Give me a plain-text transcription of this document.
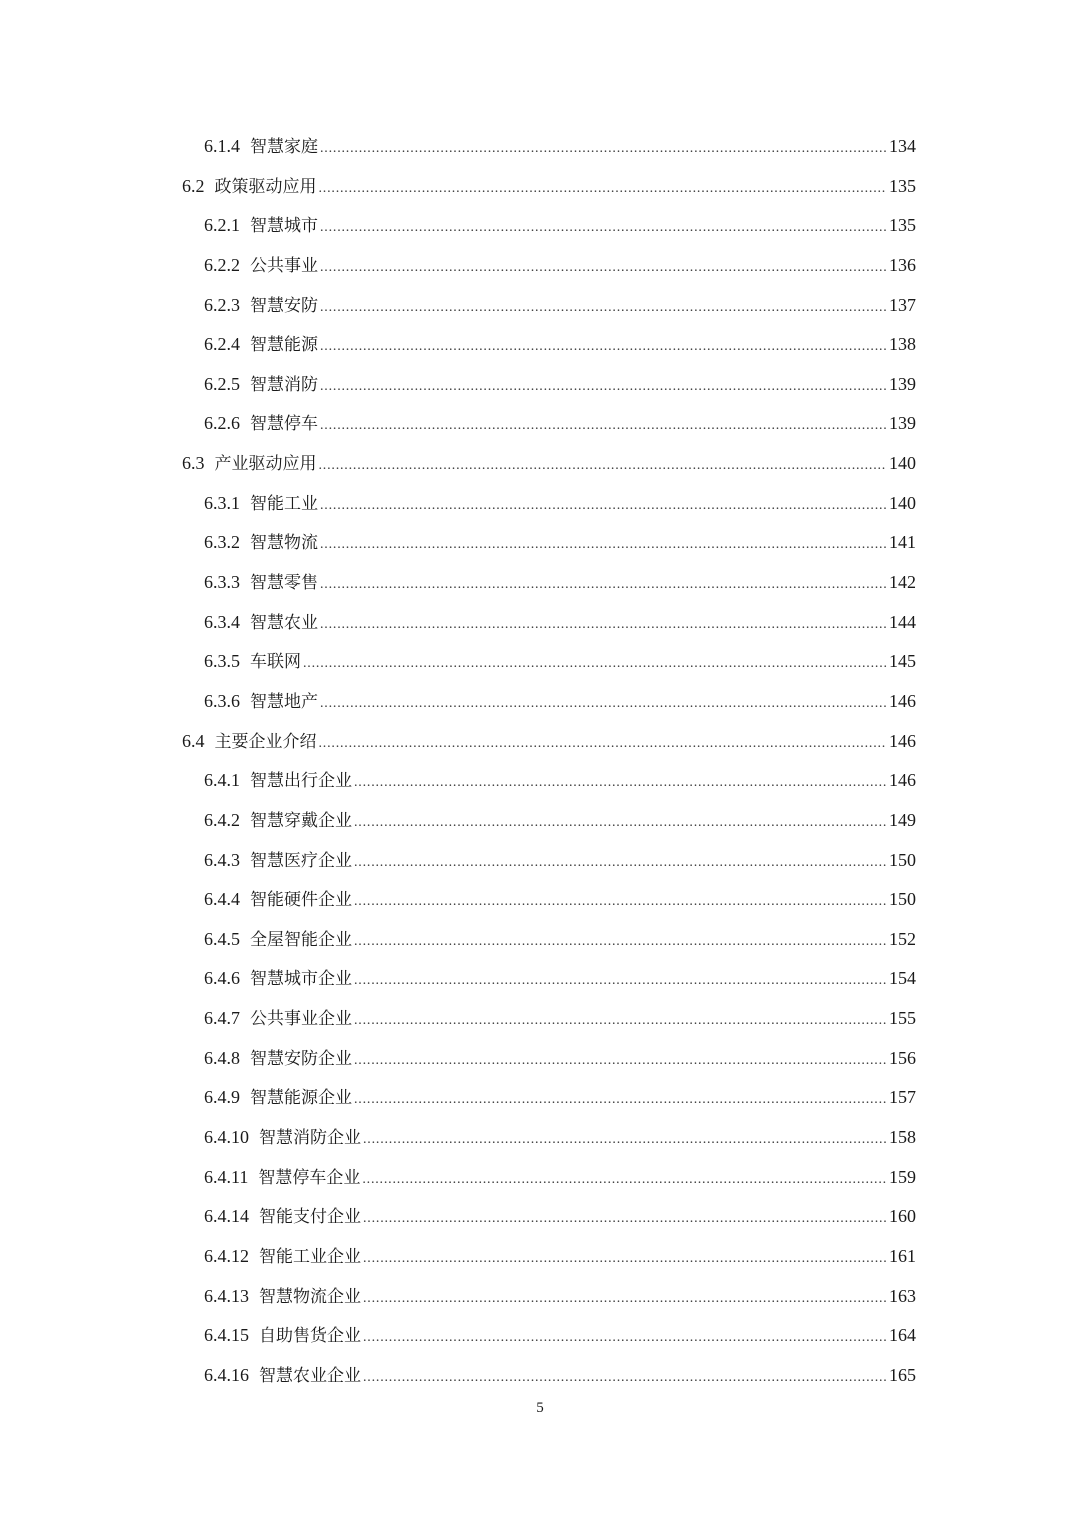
6.1.4 智慧家庭 .....	134
6.2 政策驱动应用 .....	135
6.2.1 智慧城市 .....	135
6.2.2 公共事业 .....	136
6.2.3 智慧安防 .....	137
6.2.4 智慧能源 .....	138
6.2.5 智慧消防 .....	139
6.2.6 智慧停车 .....	139
6.3 产业驱动应用 .....	140
6.3.1 智能工业 .....	140
6.3.2 智慧物流 .....	141
6.3.3 智慧零售 .....	142
6.3.4 智慧农业 .....	144
6.3.5 车联网 .....	145
6.3.6 智慧地产 .....	146
6.4 主要企业介绍 .....	146
6.4.1 智慧出行企业 .....	146
6.4.2 智慧穿戴企业 .....	149
6.4.3 智慧医疗企业 .....	150
6.4.4 智能硬件企业 .....	150
6.4.5 全屋智能企业 .....	152
6.4.6 智慧城市企业 .....	154
6.4.7 公共事业企业 .....	155
6.4.8 智慧安防企业 .....	156
6.4.9 智慧能源企业 .....	157
6.4.10 智慧消防企业 .....	158
6.4.11 智慧停车企业 .....	159
6.4.14 智能支付企业 .....	160
6.4.12 智能工业企业 .....	161
6.4.13 智慧物流企业 .....	163
6.4.15 自助售货企业 .....	164
6.4.16 智慧农业企业 .....	165
5
